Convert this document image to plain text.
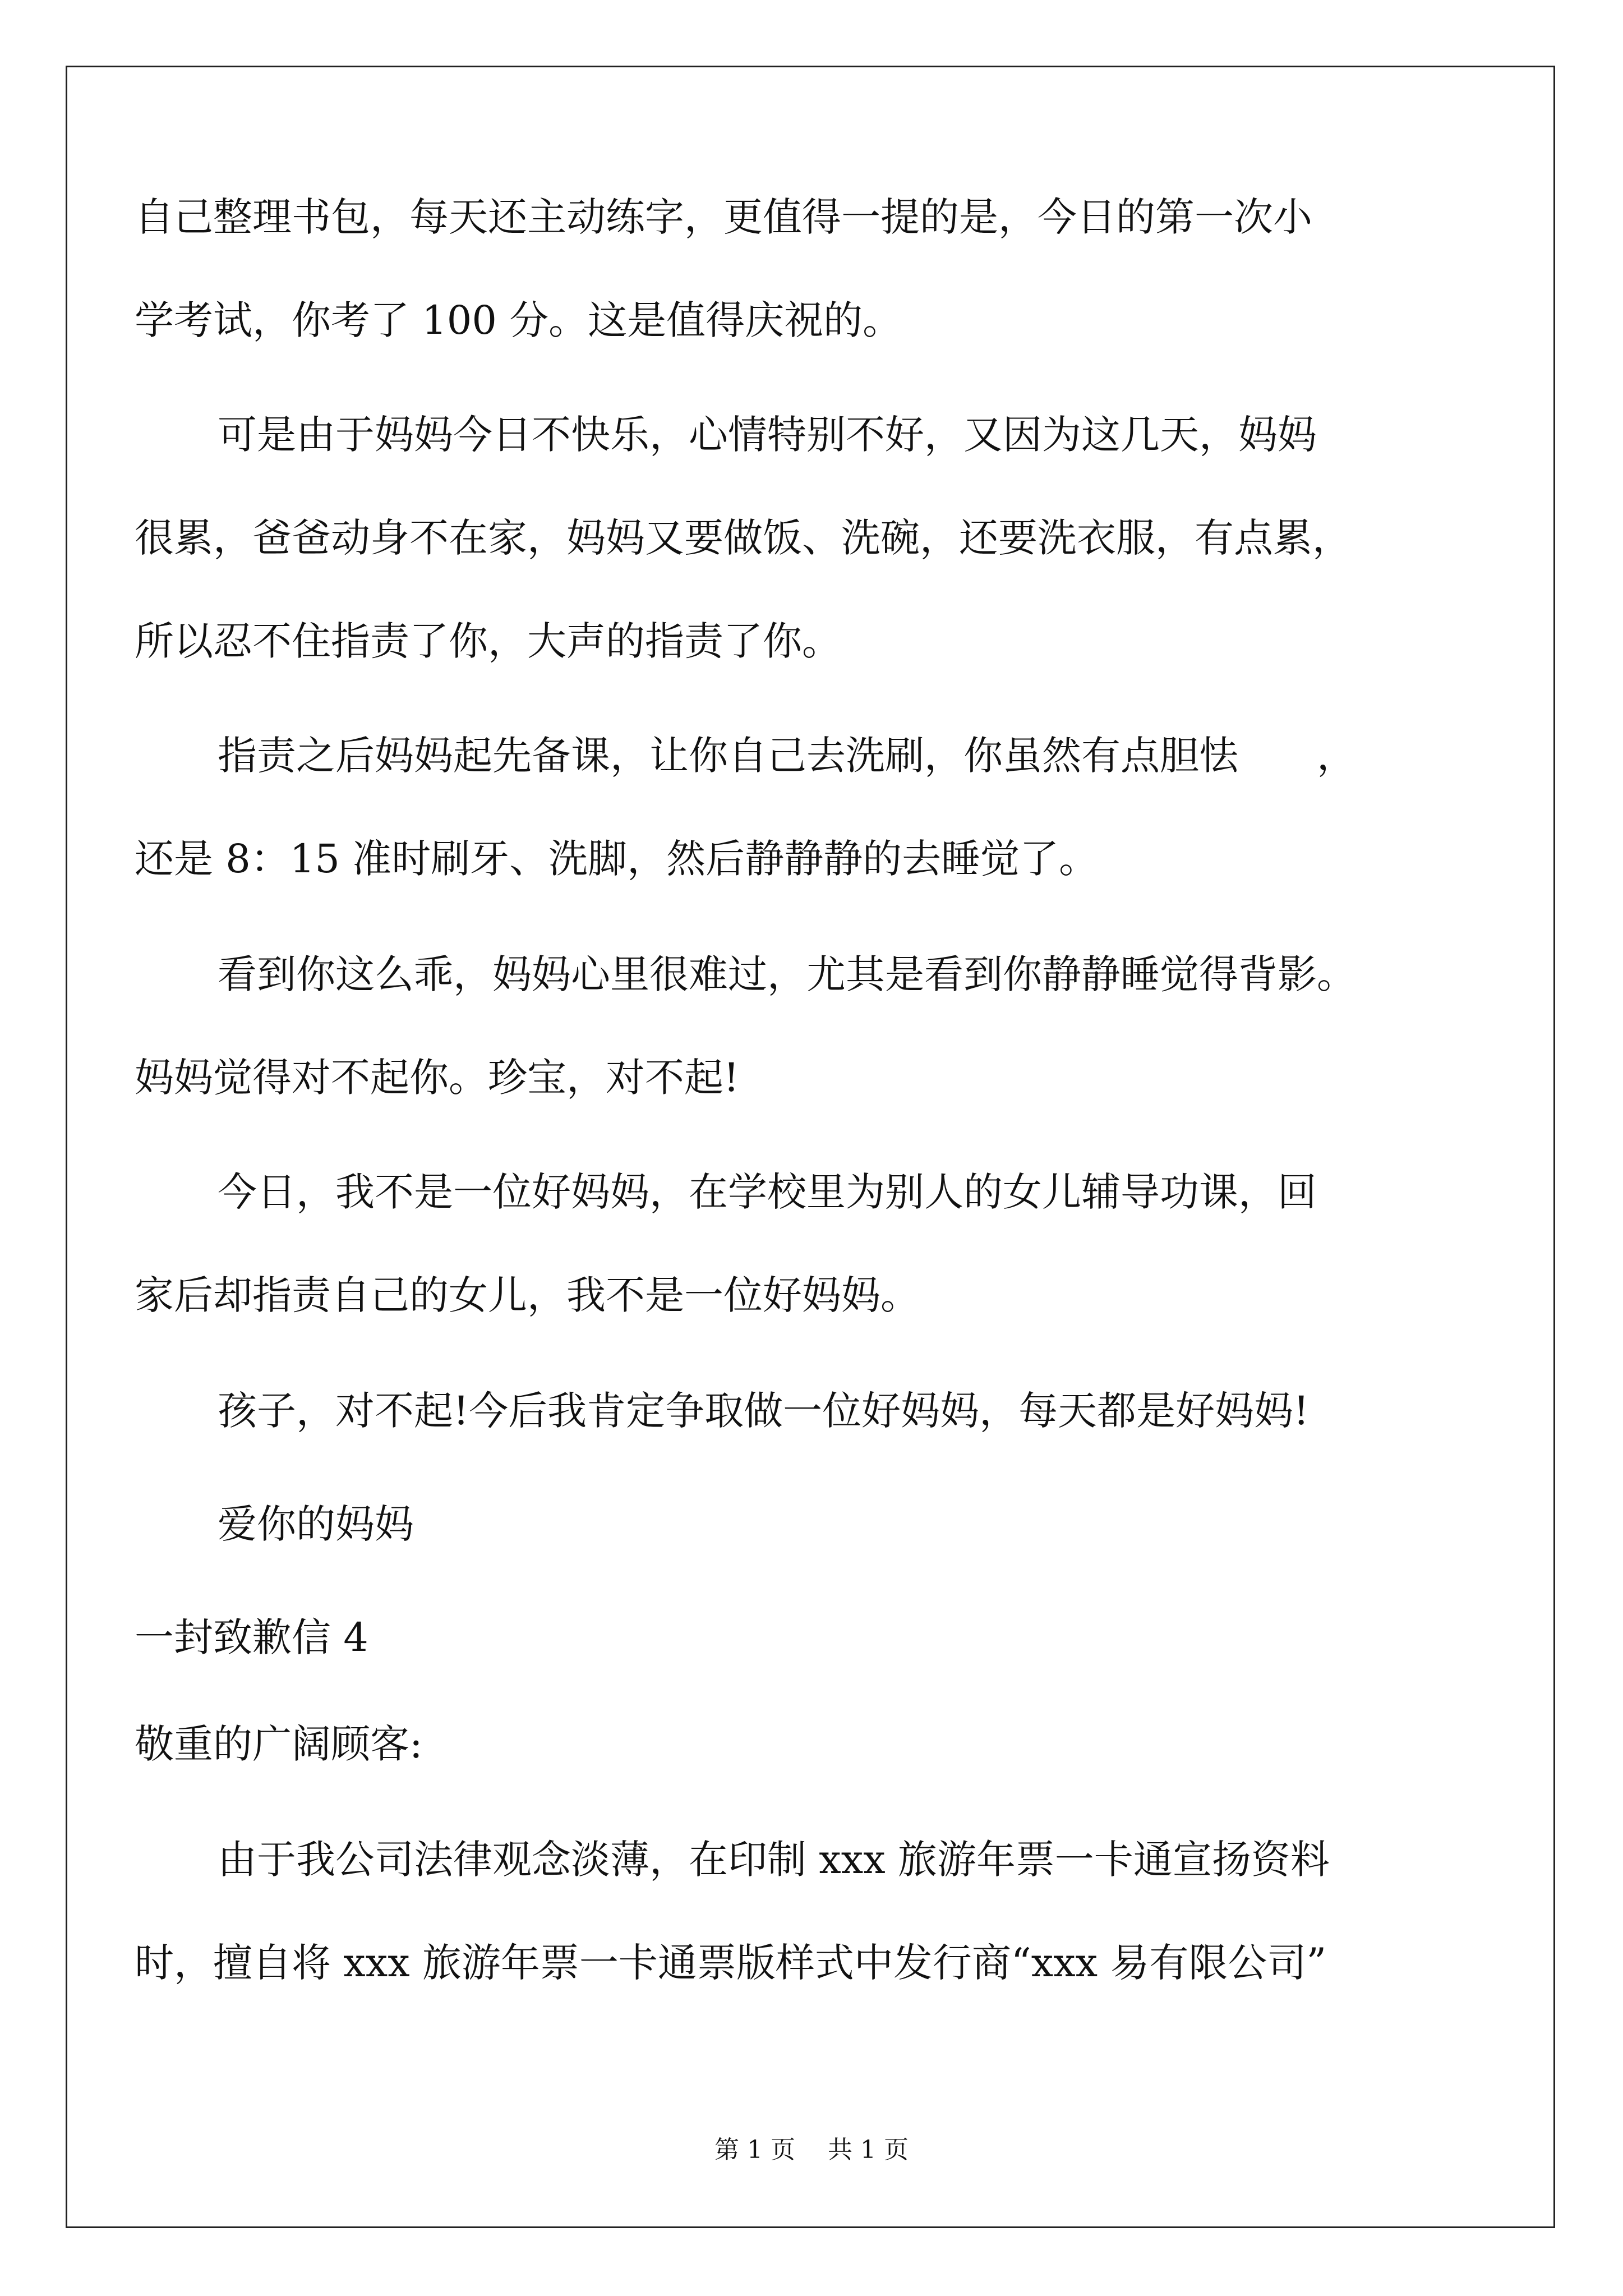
自己整理书包，每天还主动练字，更值得一提的是，今日的第一次小
学考试，你考了 100 分。这是值得庆祝的。
可是由于妈妈今日不快乐，心情特别不好，又因为这几天，妈妈
很累，爸爸动身不在家，妈妈又要做饭、洗碗，还要洗衣服，有点累，
所以忍不住指责了你，大声的指责了你。
指责之后妈妈起先备课，让你自己去洗刷，你虽然有点胆怯　　，
还是 8：15 准时刷牙、洗脚，然后静静静的去睡觉了。
看到你这么乖，妈妈心里很难过，尤其是看到你静静睡觉得背影。
妈妈觉得对不起你。珍宝，对不起!
今日，我不是一位好妈妈，在学校里为别人的女儿辅导功课，回
家后却指责自己的女儿，我不是一位好妈妈。
孩子，对不起!今后我肯定争取做一位好妈妈，每天都是好妈妈!
爱你的妈妈
一封致歉信 4
敬重的广阔顾客:
由于我公司法律观念淡薄，在印制 xxx 旅游年票一卡通宣扬资料
时，擅自将 xxx 旅游年票一卡通票版样式中发行商“xxx 易有限公司”
第 1 页　 共 1 页
